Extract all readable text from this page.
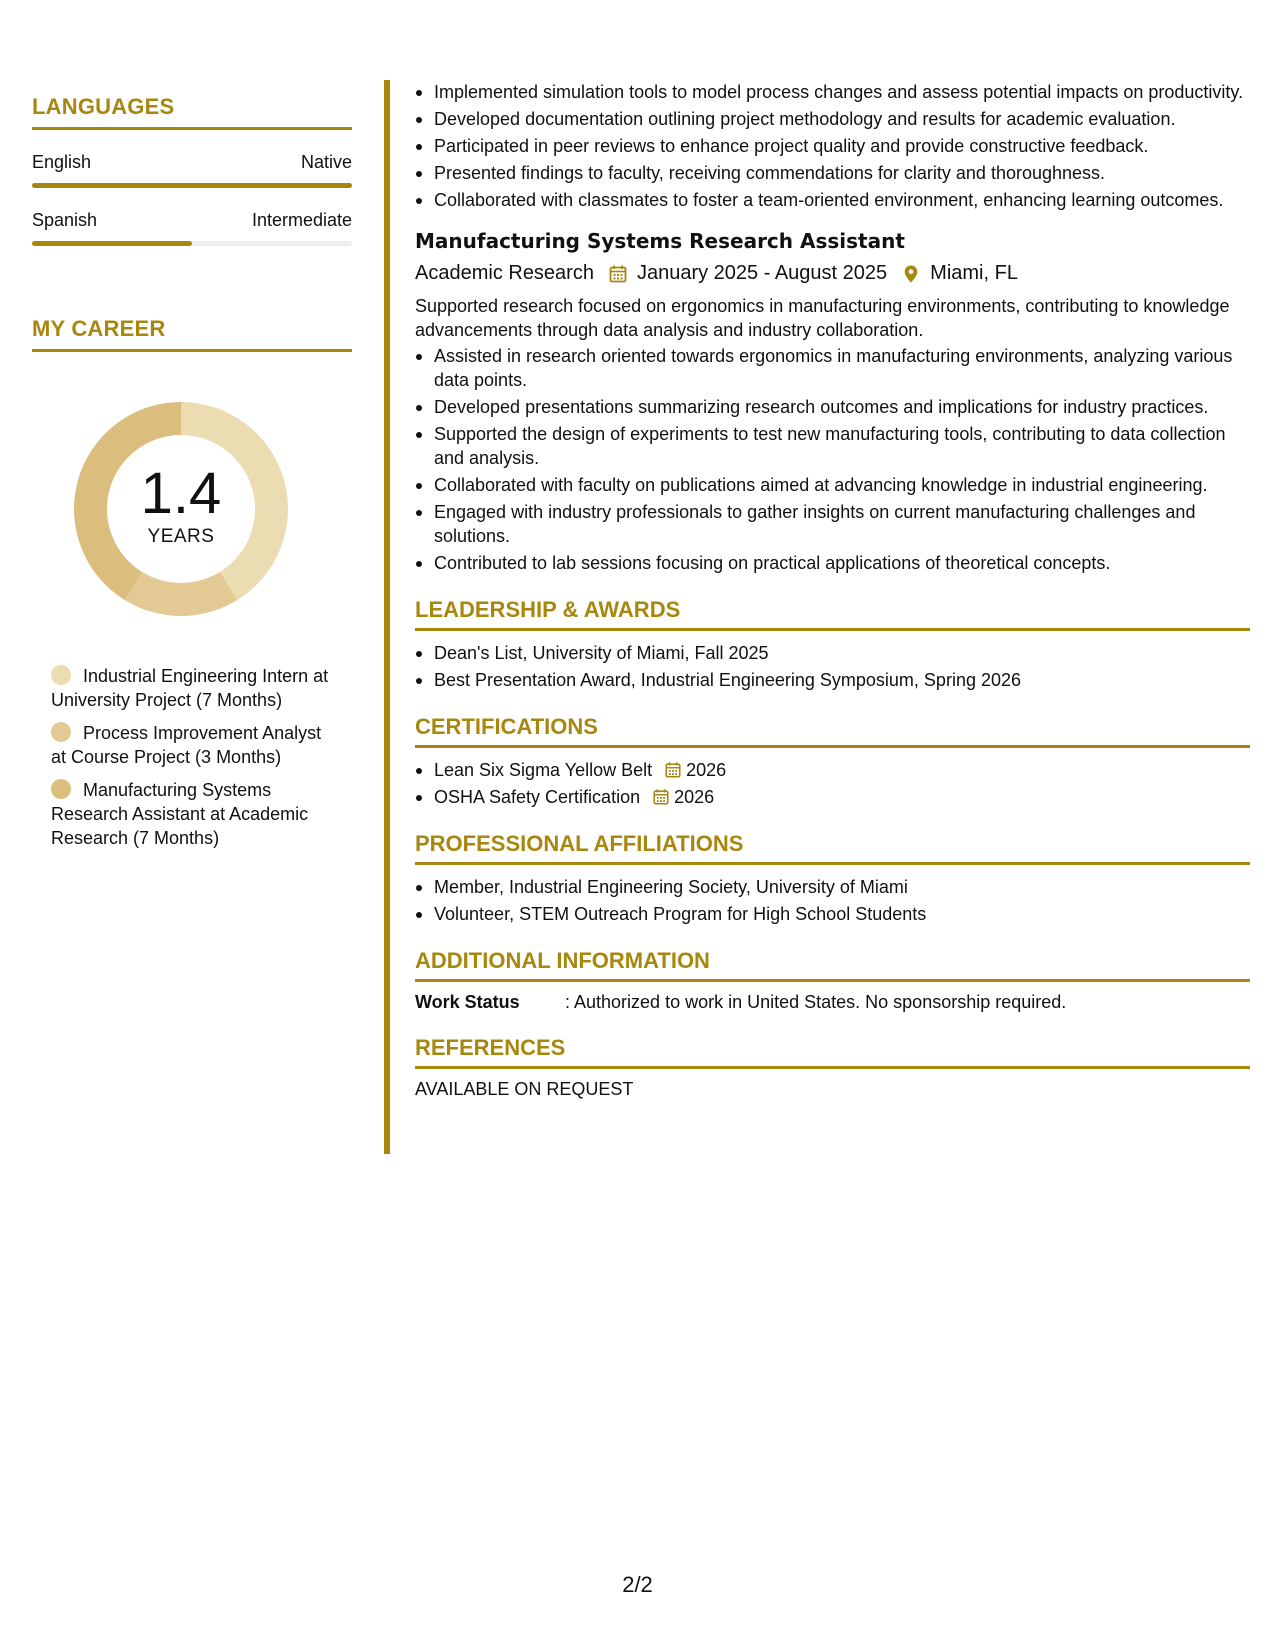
LANGUAGES
English	Native
Spanish	Intermediate
MY CAREER
1.4
YEARS
Industrial Engineering Intern at University Project (7 Months)
Process Improvement Analyst at Course Project (3 Months)
Manufacturing Systems Research Assistant at Academic Research (7 Months)
Implemented simulation tools to model process changes and assess potential impacts on productivity.
Developed documentation outlining project methodology and results for academic evaluation.
Participated in peer reviews to enhance project quality and provide constructive feedback.
Presented findings to faculty, receiving commendations for clarity and thoroughness.
Collaborated with classmates to foster a team-oriented environment, enhancing learning outcomes.
Manufacturing Systems Research Assistant
Academic Research January 2025 - August 2025 Miami, FL
Supported research focused on ergonomics in manufacturing environments, contributing to knowledge advancements through data analysis and industry collaboration.
Assisted in research oriented towards ergonomics in manufacturing environments, analyzing various data points.
Developed presentations summarizing research outcomes and implications for industry practices.
Supported the design of experiments to test new manufacturing tools, contributing to data collection and analysis.
Collaborated with faculty on publications aimed at advancing knowledge in industrial engineering.
Engaged with industry professionals to gather insights on current manufacturing challenges and solutions.
Contributed to lab sessions focusing on practical applications of theoretical concepts.
LEADERSHIP & AWARDS
Dean's List, University of Miami, Fall 2025
Best Presentation Award, Industrial Engineering Symposium, Spring 2026
CERTIFICATIONS
Lean Six Sigma Yellow Belt 2026
OSHA Safety Certification 2026
PROFESSIONAL AFFILIATIONS
Member, Industrial Engineering Society, University of Miami
Volunteer, STEM Outreach Program for High School Students
ADDITIONAL INFORMATION
Work Status	: Authorized to work in United States. No sponsorship required.
REFERENCES
AVAILABLE ON REQUEST
2/2
